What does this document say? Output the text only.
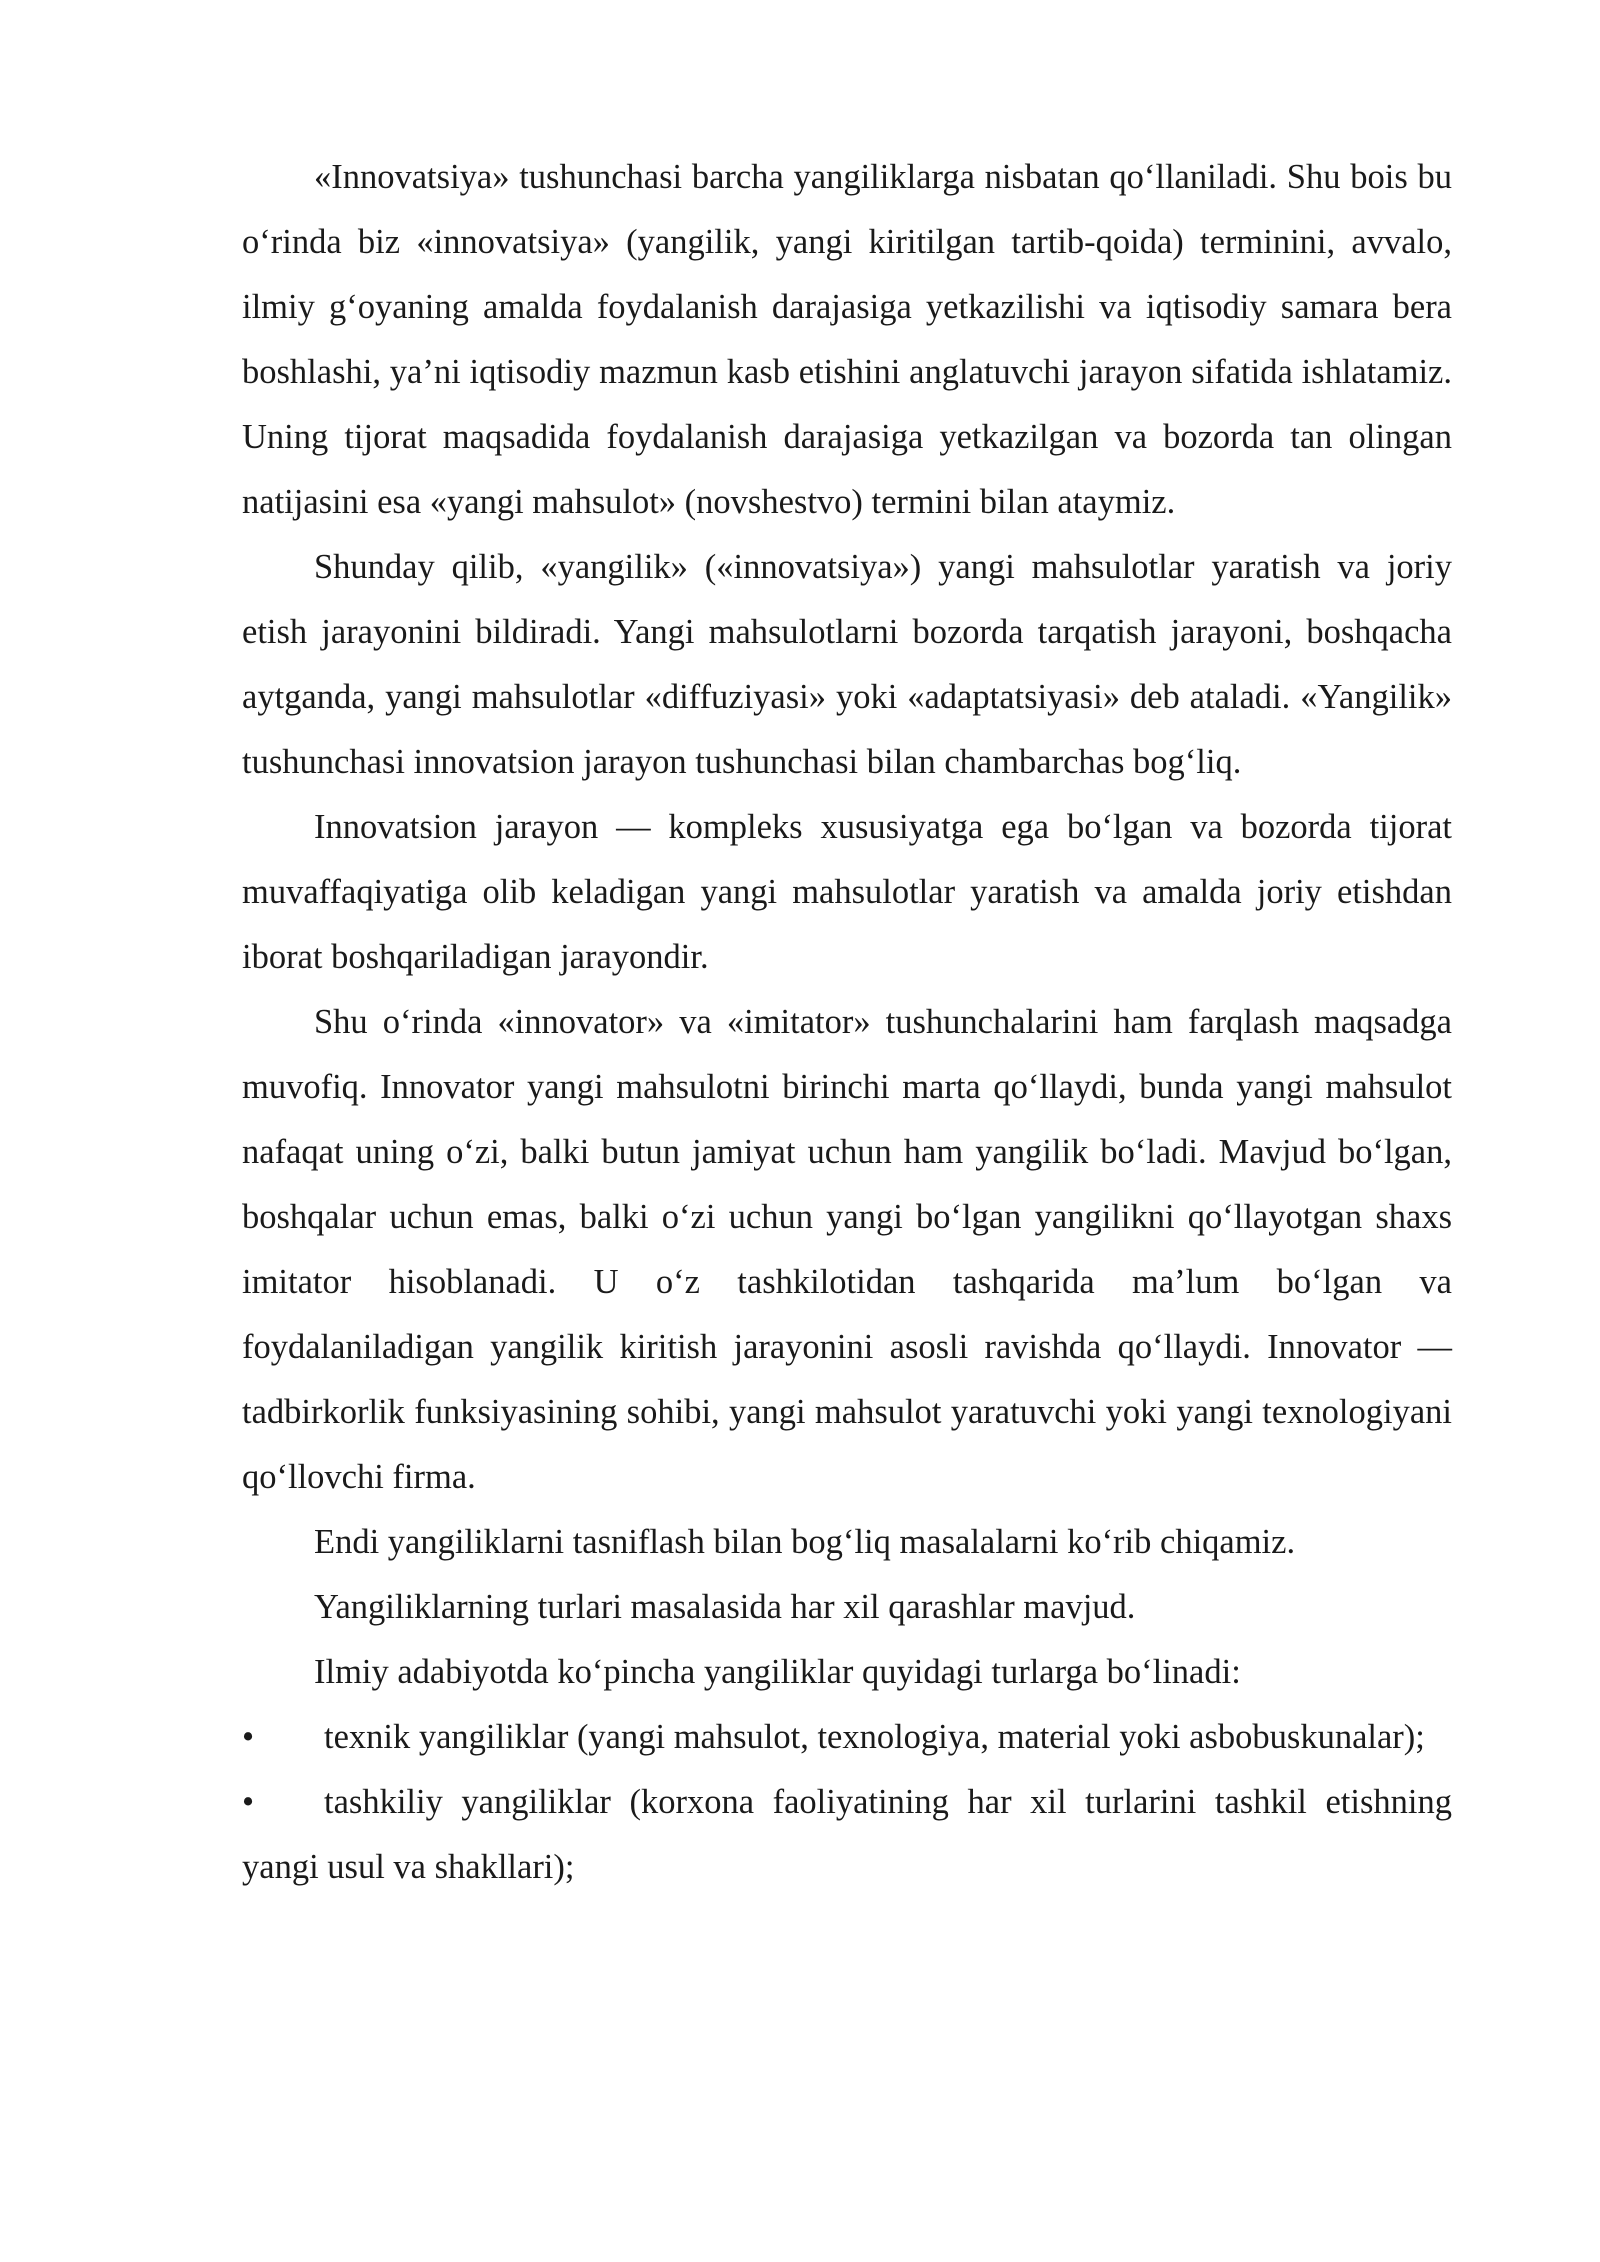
«Innovatsiya» tushunchasi barcha yangiliklarga nisbatan qoʻllaniladi. Shu bois bu oʻrinda biz «innovatsiya» (yangilik, yangi kiritilgan tartib-qoida) terminini, avvalo, ilmiy gʻoyaning amalda foydalanish darajasiga yetkazilishi va iqtisodiy samara bera boshlashi, ya’ni iqtisodiy mazmun kasb etishini anglatuvchi jarayon sifatida ishlatamiz. Uning tijorat maqsadida foydalanish darajasiga yetkazilgan va bozorda tan olingan natijasini esa «yangi mahsulot» (novshestvo) termini bilan ataymiz.

Shunday qilib, «yangilik» («innovatsiya») yangi mahsulotlar yaratish va joriy etish jarayonini bildiradi. Yangi mahsulotlarni bozorda tarqatish jarayoni, boshqacha aytganda, yangi mahsulotlar «diffuziyasi» yoki «adaptatsiyasi» deb ataladi. «Yangilik» tushunchasi innovatsion jarayon tushunchasi bilan chambarchas bogʻliq.

Innovatsion jarayon — kompleks xususiyatga ega boʻlgan va bozorda tijorat muvaffaqiyatiga olib keladigan yangi mahsulotlar yaratish va amalda joriy etishdan iborat boshqariladigan jarayondir.

Shu oʻrinda «innovator» va «imitator» tushunchalarini ham farqlash maqsadga muvofiq. Innovator yangi mahsulotni birinchi marta qoʻllaydi, bunda yangi mahsulot nafaqat uning oʻzi, balki butun jamiyat uchun ham yangilik boʻladi. Mavjud boʻlgan, boshqalar uchun emas, balki oʻzi uchun yangi boʻlgan yangilikni qoʻllayotgan shaxs imitator hisoblanadi. U oʻz tashkilotidan tashqarida ma’lum boʻlgan va foydalaniladigan yangilik kiritish jarayonini asosli ravishda qoʻllaydi. Innovator — tadbirkorlik funksiyasining sohibi, yangi mahsulot yaratuvchi yoki yangi texnologiyani qoʻllovchi firma.

Endi yangiliklarni tasniflash bilan bogʻliq masalalarni koʻrib chiqamiz.

Yangiliklarning turlari masalasida har xil qarashlar mavjud.

Ilmiy adabiyotda koʻpincha yangiliklar quyidagi turlarga boʻlinadi:

• texnik yangiliklar (yangi mahsulot, texnologiya, material yoki asbobuskunalar);

• tashkiliy yangiliklar (korxona faoliyatining har xil turlarini tashkil etishning yangi usul va shakllari);
